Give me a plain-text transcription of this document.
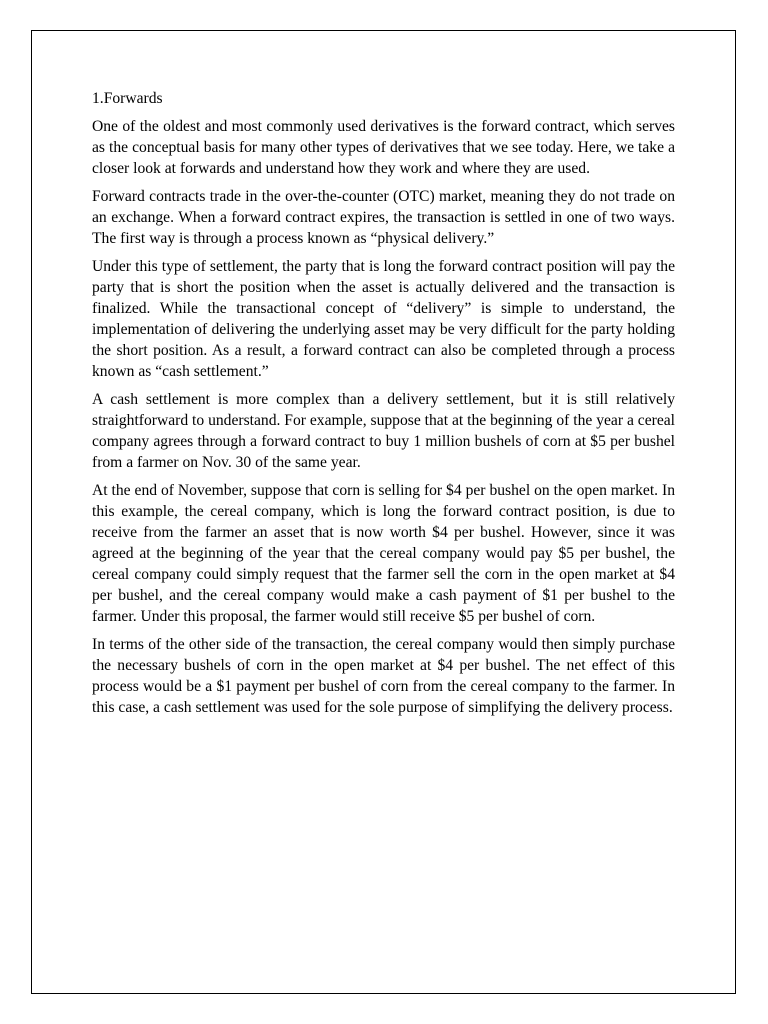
1.Forwards

One of the oldest and most commonly used derivatives is the forward contract, which serves as the conceptual basis for many other types of derivatives that we see today. Here, we take a closer look at forwards and understand how they work and where they are used.

Forward contracts trade in the over-the-counter (OTC) market, meaning they do not trade on an exchange. When a forward contract expires, the transaction is settled in one of two ways. The first way is through a process known as “physical delivery.”

Under this type of settlement, the party that is long the forward contract position will pay the party that is short the position when the asset is actually delivered and the transaction is finalized. While the transactional concept of “delivery” is simple to understand, the implementation of delivering the underlying asset may be very difficult for the party holding the short position. As a result, a forward contract can also be completed through a process known as “cash settlement.”

A cash settlement is more complex than a delivery settlement, but it is still relatively straightforward to understand. For example, suppose that at the beginning of the year a cereal company agrees through a forward contract to buy 1 million bushels of corn at $5 per bushel from a farmer on Nov. 30 of the same year.

At the end of November, suppose that corn is selling for $4 per bushel on the open market. In this example, the cereal company, which is long the forward contract position, is due to receive from the farmer an asset that is now worth $4 per bushel. However, since it was agreed at the beginning of the year that the cereal company would pay $5 per bushel, the cereal company could simply request that the farmer sell the corn in the open market at $4 per bushel, and the cereal company would make a cash payment of $1 per bushel to the farmer. Under this proposal, the farmer would still receive $5 per bushel of corn.

In terms of the other side of the transaction, the cereal company would then simply purchase the necessary bushels of corn in the open market at $4 per bushel. The net effect of this process would be a $1 payment per bushel of corn from the cereal company to the farmer. In this case, a cash settlement was used for the sole purpose of simplifying the delivery process.
